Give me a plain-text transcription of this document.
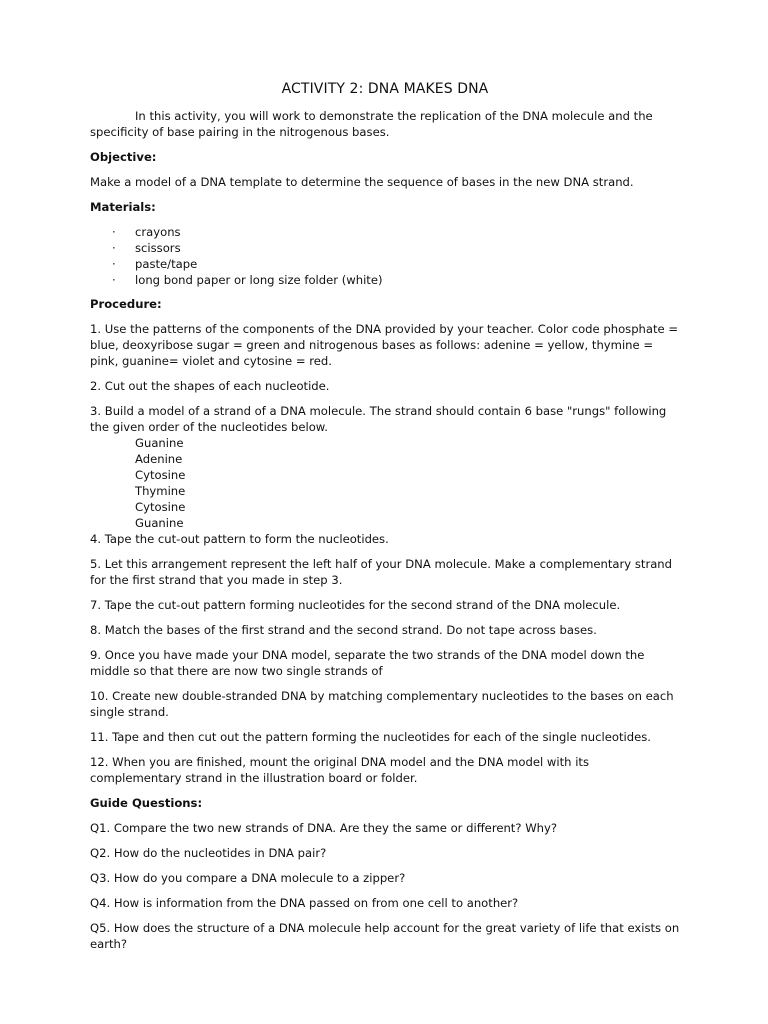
ACTIVITY 2: DNA MAKES DNA

In this activity, you will work to demonstrate the replication of the DNA molecule and the specificity of base pairing in the nitrogenous bases.

Objective:

Make a model of a DNA template to determine the sequence of bases in the new DNA strand.

Materials:
· crayons
· scissors
· paste/tape
· long bond paper or long size folder (white)
Procedure:

1. Use the patterns of the components of the DNA provided by your teacher. Color code phosphate = blue, deoxyribose sugar = green and nitrogenous bases as follows: adenine = yellow, thymine = pink, guanine= violet and cytosine = red.

2. Cut out the shapes of each nucleotide.

3. Build a model of a strand of a DNA molecule. The strand should contain 6 base "rungs" following the given order of the nucleotides below.

Guanine
Adenine
Cytosine
Thymine
Cytosine
Guanine

4. Tape the cut-out pattern to form the nucleotides.

5. Let this arrangement represent the left half of your DNA molecule. Make a complementary strand for the first strand that you made in step 3.

7. Tape the cut-out pattern forming nucleotides for the second strand of the DNA molecule.

8. Match the bases of the first strand and the second strand. Do not tape across bases.

9. Once you have made your DNA model, separate the two strands of the DNA model down the middle so that there are now two single strands of

10. Create new double-stranded DNA by matching complementary nucleotides to the bases on each single strand.

11. Tape and then cut out the pattern forming the nucleotides for each of the single nucleotides.

12. When you are finished, mount the original DNA model and the DNA model with its complementary strand in the illustration board or folder.

Guide Questions:

Q1. Compare the two new strands of DNA. Are they the same or different? Why?

Q2. How do the nucleotides in DNA pair?

Q3. How do you compare a DNA molecule to a zipper?

Q4. How is information from the DNA passed on from one cell to another?

Q5. How does the structure of a DNA molecule help account for the great variety of life that exists on earth?
